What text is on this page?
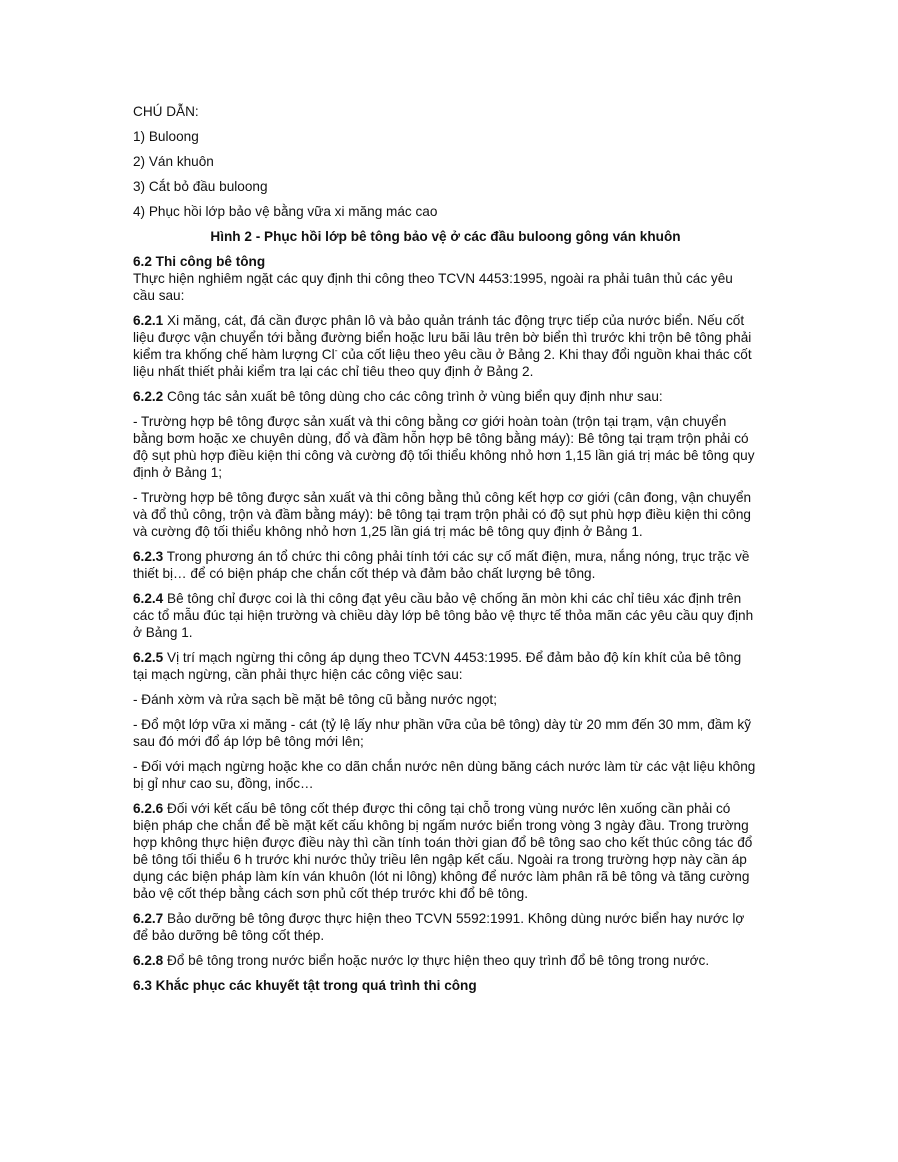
CHÚ DẪN:

1) Buloong

2) Ván khuôn

3) Cắt bỏ đầu buloong

4) Phục hồi lớp bảo vệ bằng vữa xi măng mác cao

Hình 2 - Phục hồi lớp bê tông bảo vệ ở các đầu buloong gông ván khuôn

6.2 Thi công bê tông

Thực hiện nghiêm ngặt các quy định thi công theo TCVN 4453:1995, ngoài ra phải tuân thủ các yêu cầu sau:

6.2.1 Xi măng, cát, đá cần được phân lô và bảo quản tránh tác động trực tiếp của nước biển. Nếu cốt liệu được vận chuyển tới bằng đường biển hoặc lưu bãi lâu trên bờ biển thì trước khi trộn bê tông phải kiểm tra khống chế hàm lượng Cl- của cốt liệu theo yêu cầu ở Bảng 2. Khi thay đổi nguồn khai thác cốt liệu nhất thiết phải kiểm tra lại các chỉ tiêu theo quy định ở Bảng 2.

6.2.2 Công tác sản xuất bê tông dùng cho các công trình ở vùng biển quy định như sau:

- Trường hợp bê tông được sản xuất và thi công bằng cơ giới hoàn toàn (trộn tại trạm, vận chuyển bằng bơm hoặc xe chuyên dùng, đổ và đầm hỗn hợp bê tông bằng máy): Bê tông tại trạm trộn phải có độ sụt phù hợp điều kiện thi công và cường độ tối thiểu không nhỏ hơn 1,15 lần giá trị mác bê tông quy định ở Bảng 1;

- Trường hợp bê tông được sản xuất và thi công bằng thủ công kết hợp cơ giới (cân đong, vận chuyển và đổ thủ công, trộn và đầm bằng máy): bê tông tại trạm trộn phải có độ sụt phù hợp điều kiện thi công và cường độ tối thiểu không nhỏ hơn 1,25 lần giá trị mác bê tông quy định ở Bảng 1.

6.2.3 Trong phương án tổ chức thi công phải tính tới các sự cố mất điện, mưa, nắng nóng, trục trặc về thiết bị… để có biện pháp che chắn cốt thép và đảm bảo chất lượng bê tông.

6.2.4 Bê tông chỉ được coi là thi công đạt yêu cầu bảo vệ chống ăn mòn khi các chỉ tiêu xác định trên các tổ mẫu đúc tại hiện trường và chiều dày lớp bê tông bảo vệ thực tế thỏa mãn các yêu cầu quy định ở Bảng 1.

6.2.5 Vị trí mạch ngừng thi công áp dụng theo TCVN 4453:1995. Để đảm bảo độ kín khít của bê tông tại mạch ngừng, cần phải thực hiện các công việc sau:

- Đánh xờm và rửa sạch bề mặt bê tông cũ bằng nước ngọt;

- Đổ một lớp vữa xi măng - cát (tỷ lệ lấy như phần vữa của bê tông) dày từ 20 mm đến 30 mm, đầm kỹ sau đó mới đổ áp lớp bê tông mới lên;

- Đối với mạch ngừng hoặc khe co dãn chắn nước nên dùng băng cách nước làm từ các vật liệu không bị gỉ như cao su, đồng, inốc…

6.2.6 Đối với kết cấu bê tông cốt thép được thi công tại chỗ trong vùng nước lên xuống cần phải có biện pháp che chắn để bề mặt kết cấu không bị ngấm nước biển trong vòng 3 ngày đầu. Trong trường hợp không thực hiện được điều này thì cần tính toán thời gian đổ bê tông sao cho kết thúc công tác đổ bê tông tối thiểu 6 h trước khi nước thủy triều lên ngập kết cấu. Ngoài ra trong trường hợp này cần áp dụng các biện pháp làm kín ván khuôn (lót ni lông) không để nước làm phân rã bê tông và tăng cường bảo vệ cốt thép bằng cách sơn phủ cốt thép trước khi đổ bê tông.

6.2.7 Bảo dưỡng bê tông được thực hiện theo TCVN 5592:1991. Không dùng nước biển hay nước lợ để bảo dưỡng bê tông cốt thép.

6.2.8 Đổ bê tông trong nước biển hoặc nước lợ thực hiện theo quy trình đổ bê tông trong nước.

6.3 Khắc phục các khuyết tật trong quá trình thi công
